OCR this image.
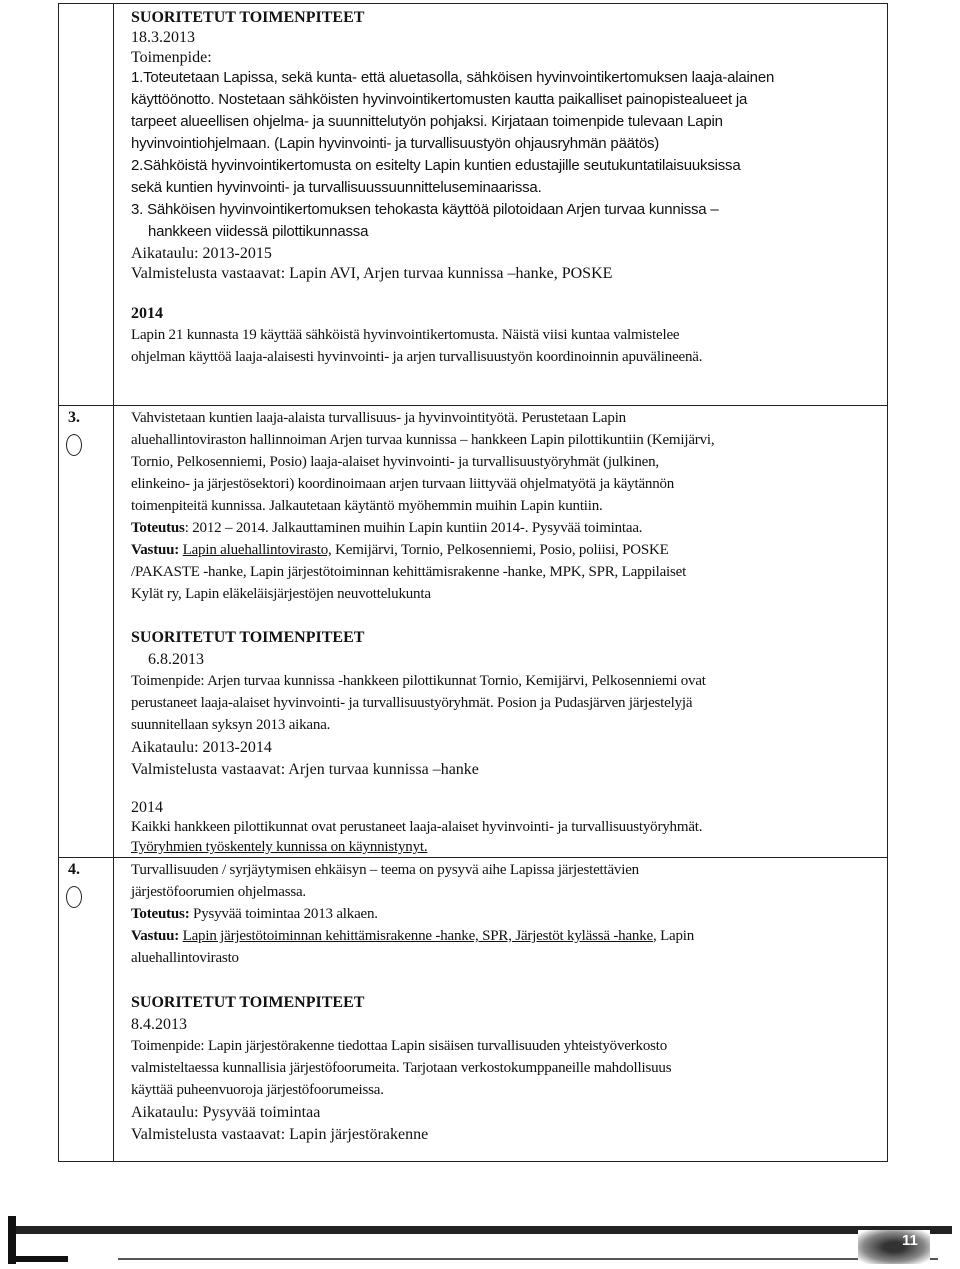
SUORITETUT TOIMENPITEET
18.3.2013
Toimenpide:
1.Toteutetaan Lapissa, sekä kunta- että aluetasolla, sähköisen hyvinvointikertomuksen laaja-alainen
käyttöönotto. Nostetaan sähköisten hyvinvointikertomusten kautta paikalliset painopistealueet ja
tarpeet alueellisen ohjelma- ja suunnittelutyön pohjaksi. Kirjataan toimenpide tulevaan Lapin
hyvinvointiohjelmaan. (Lapin hyvinvointi- ja turvallisuustyön ohjausryhmän päätös)
2.Sähköistä hyvinvointikertomusta on esitelty Lapin kuntien edustajille seutukuntatilaisuuksissa
sekä kuntien hyvinvointi- ja turvallisuussuunnitteluseminaarissa.
3. Sähköisen hyvinvointikertomuksen tehokasta käyttöä pilotoidaan Arjen turvaa kunnissa –
hankkeen viidessä pilottikunnassa
Aikataulu: 2013-2015
Valmistelusta vastaavat: Lapin AVI, Arjen turvaa kunnissa –hanke, POSKE
2014
Lapin 21 kunnasta 19 käyttää sähköistä hyvinvointikertomusta. Näistä viisi kuntaa valmistelee
ohjelman käyttöä laaja-alaisesti hyvinvointi- ja arjen turvallisuustyön koordinoinnin apuvälineenä.
3.	Vahvistetaan kuntien laaja-alaista turvallisuus- ja hyvinvointityötä. Perustetaan Lapin
aluehallintoviraston hallinnoiman Arjen turvaa kunnissa – hankkeen Lapin pilottikuntiin (Kemijärvi,
Tornio, Pelkosenniemi, Posio) laaja-alaiset hyvinvointi- ja turvallisuustyöryhmät (julkinen,
elinkeino- ja järjestösektori) koordinoimaan arjen turvaan liittyvää ohjelmatyötä ja käytännön
toimenpiteitä kunnissa. Jalkautetaan käytäntö myöhemmin muihin Lapin kuntiin.
Toteutus: 2012 – 2014. Jalkauttaminen muihin Lapin kuntiin 2014-. Pysyvää toimintaa.
Vastuu: Lapin aluehallintovirasto, Kemijärvi, Tornio, Pelkosenniemi, Posio, poliisi, POSKE
/PAKASTE -hanke, Lapin järjestötoiminnan kehittämisrakenne -hanke, MPK, SPR, Lappilaiset
Kylät ry, Lapin eläkeläisjärjestöjen neuvottelukunta
SUORITETUT TOIMENPITEET
6.8.2013
Toimenpide: Arjen turvaa kunnissa -hankkeen pilottikunnat Tornio, Kemijärvi, Pelkosenniemi ovat
perustaneet laaja-alaiset hyvinvointi- ja turvallisuustyöryhmät. Posion ja Pudasjärven järjestelyjä
suunnitellaan syksyn 2013 aikana.
Aikataulu: 2013-2014
Valmistelusta vastaavat: Arjen turvaa kunnissa –hanke
2014
Kaikki hankkeen pilottikunnat ovat perustaneet laaja-alaiset hyvinvointi- ja turvallisuustyöryhmät.
Työryhmien työskentely kunnissa on käynnistynyt.
4.	Turvallisuuden / syrjäytymisen ehkäisyn – teema on pysyvä aihe Lapissa järjestettävien
järjestöfoorumien ohjelmassa.
Toteutus: Pysyvää toimintaa 2013 alkaen.
Vastuu: Lapin järjestötoiminnan kehittämisrakenne -hanke, SPR, Järjestöt kylässä -hanke, Lapin
aluehallintovirasto
SUORITETUT TOIMENPITEET
8.4.2013
Toimenpide: Lapin järjestörakenne tiedottaa Lapin sisäisen turvallisuuden yhteistyöverkosto
valmisteltaessa kunnallisia järjestöfoorumeita. Tarjotaan verkostokumppaneille mahdollisuus
käyttää puheenvuoroja järjestöfoorumeissa.
Aikataulu: Pysyvää toimintaa
Valmistelusta vastaavat: Lapin järjestörakenne
11
